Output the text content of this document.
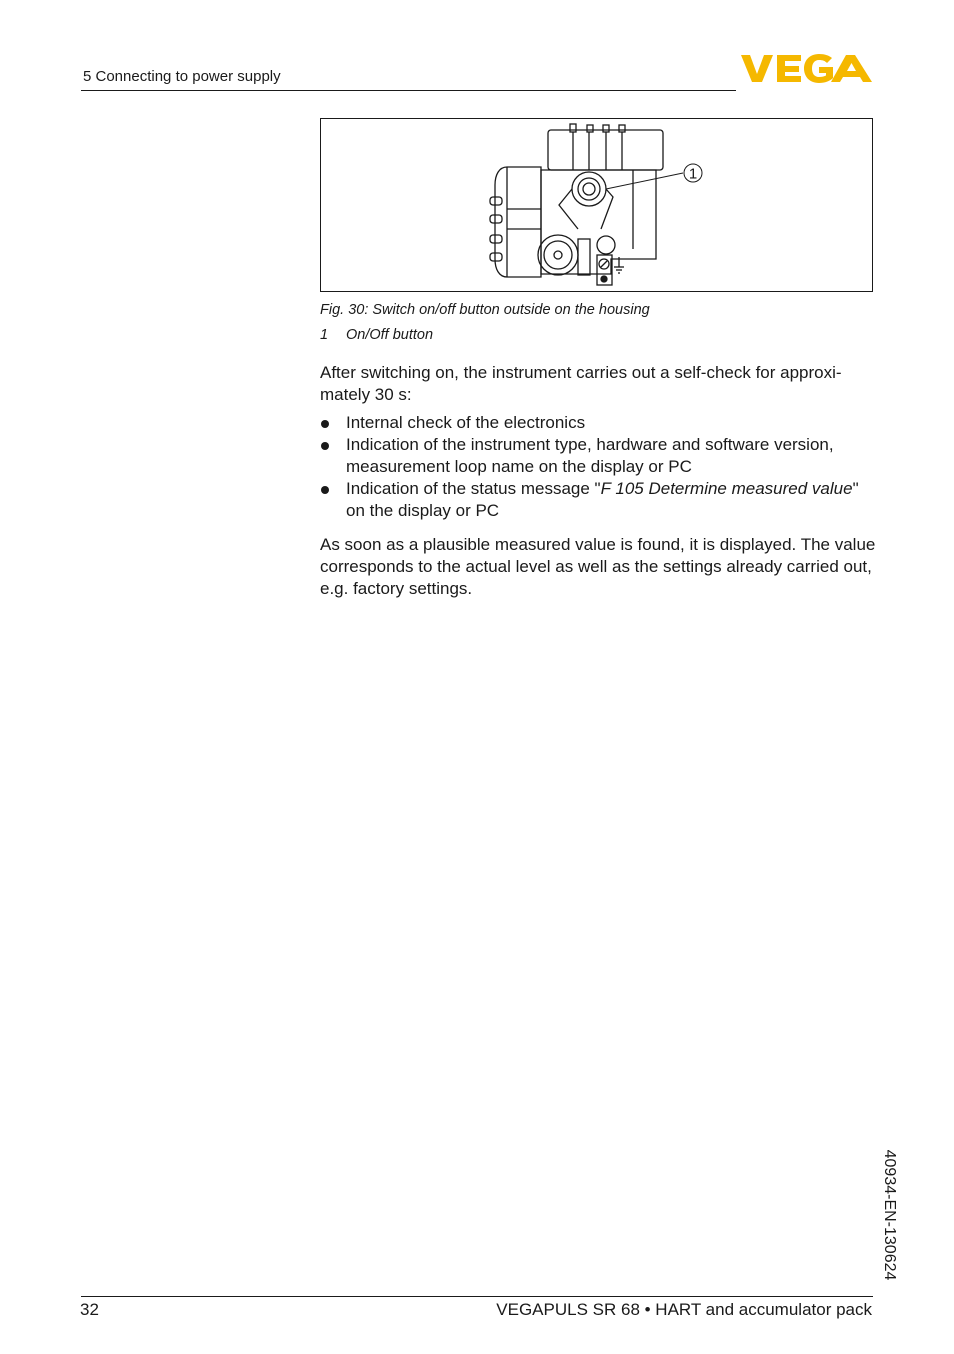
5 Connecting to power supply
1
Fig. 30: Switch on/off button outside on the housing
1 On/Off button
After switching on, the instrument carries out a self-check for approxi-mately 30 s:
Internal check of the electronics
Indication of the instrument type, hardware and software version, measurement loop name on the display or PC
Indication of the status message "F 105 Determine measured value" on the display or PC
As soon as a plausible measured value is found, it is displayed. The value corresponds to the actual level as well as the settings already carried out, e.g. factory settings.
40934-EN-130624
32	VEGAPULS SR 68 • HART and accumulator pack
